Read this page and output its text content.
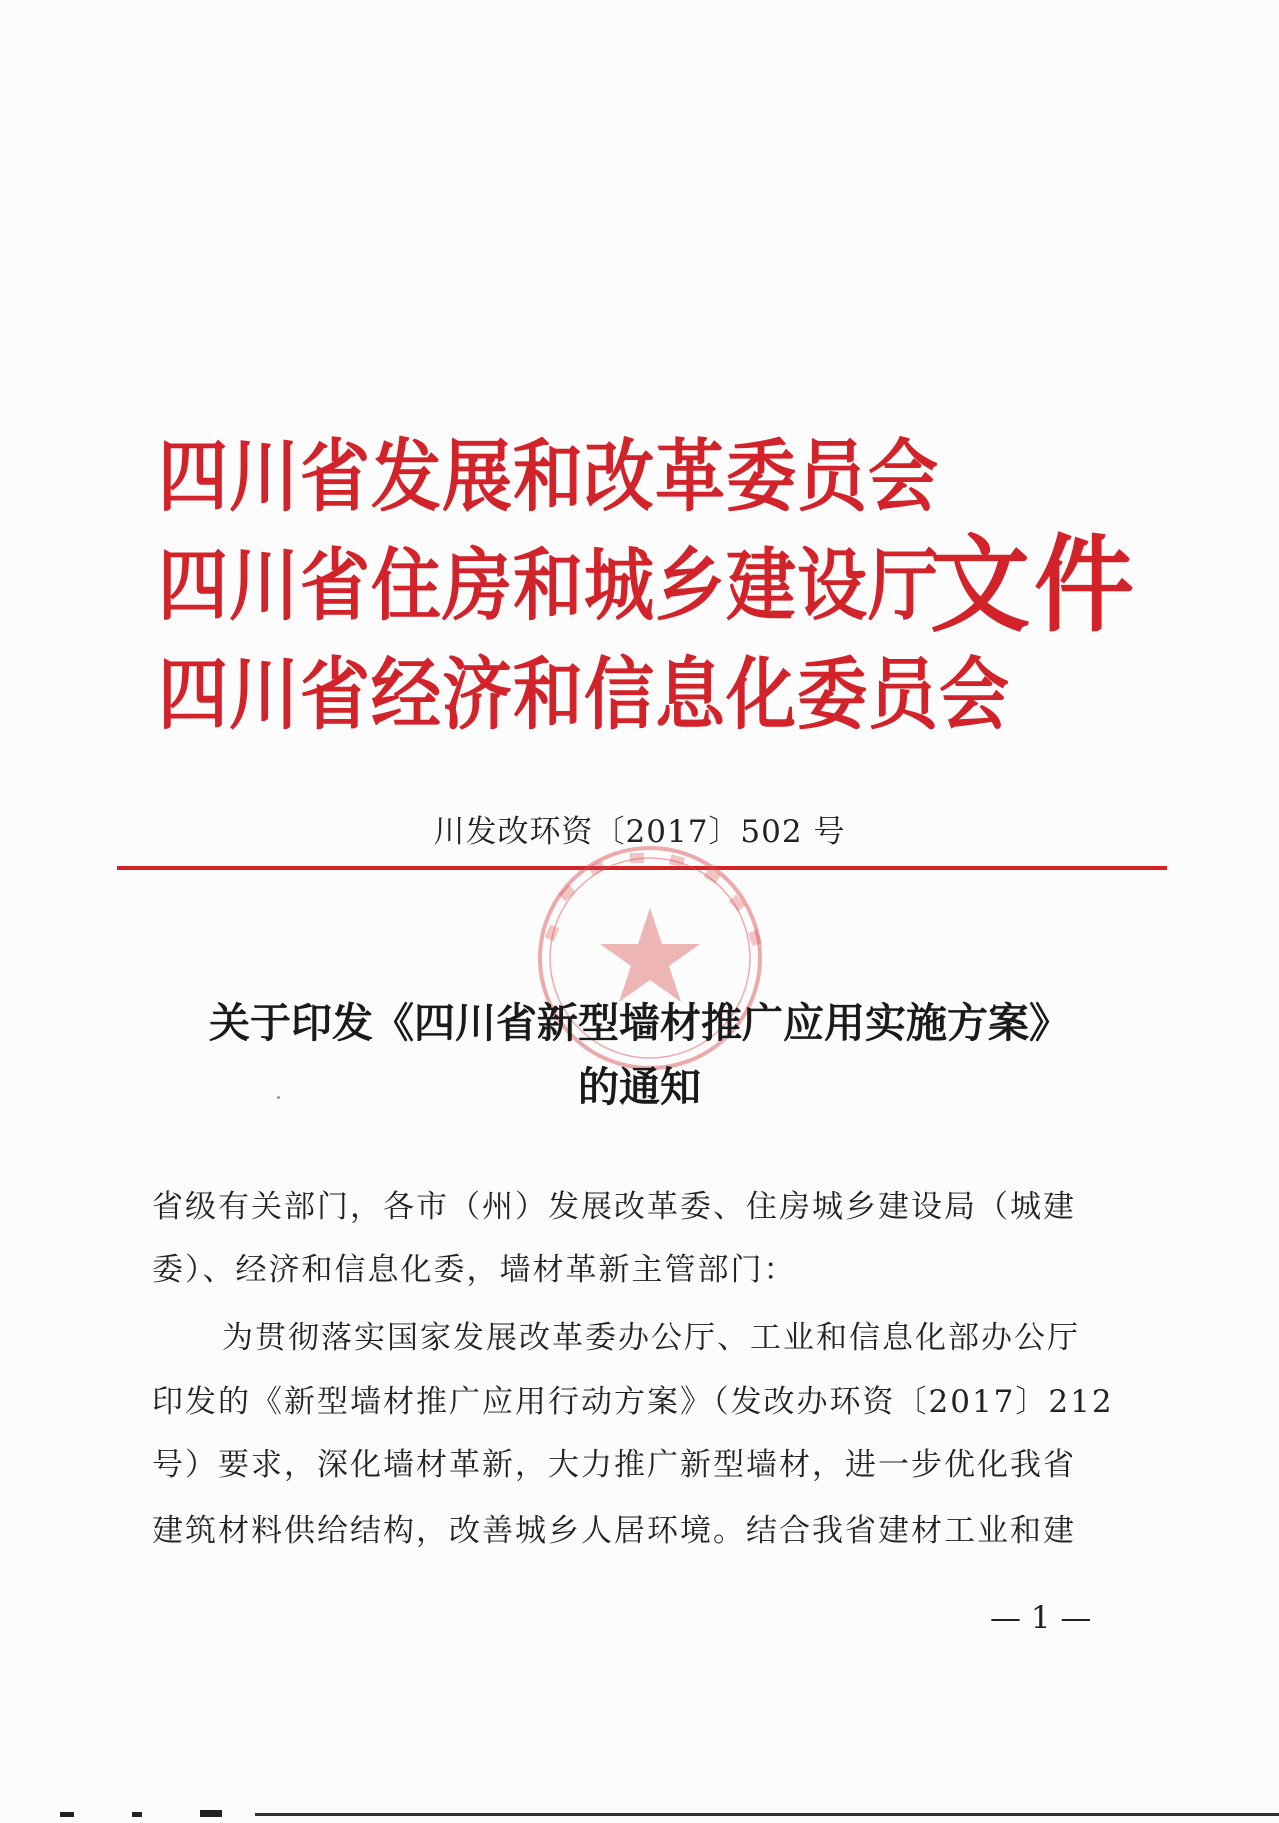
四川省发展和改革委员会
四川省住房和城乡建设厅
四川省经济和信息化委员会
文件
川发改环资〔2017〕502 号
关于印发《四川省新型墙材推广应用实施方案》
的通知
省级有关部门，各市（州）发展改革委、住房城乡建设局（城建
委）、经济和信息化委，墙材革新主管部门：
为贯彻落实国家发展改革委办公厅、工业和信息化部办公厅
印发的《新型墙材推广应用行动方案》（发改办环资〔2017〕212
号）要求，深化墙材革新，大力推广新型墙材，进一步优化我省
建筑材料供给结构，改善城乡人居环境。结合我省建材工业和建
— 1 —
